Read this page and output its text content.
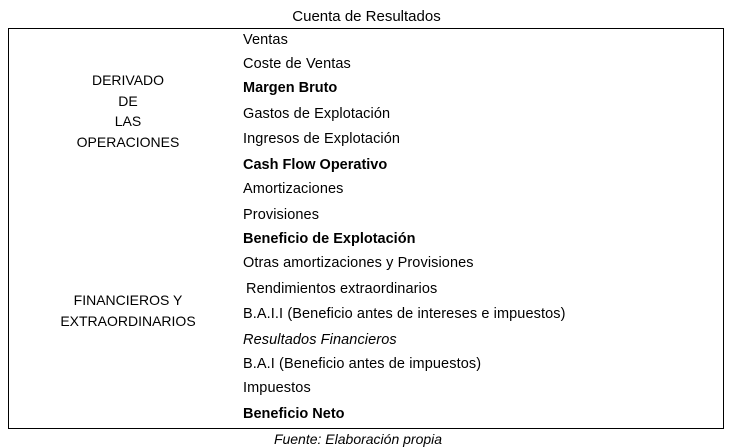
Cuenta de Resultados
DERIVADO
DE
LAS
OPERACIONES
FINANCIEROS Y
EXTRAORDINARIOS
Ventas
Coste de Ventas
Margen Bruto
Gastos de Explotación
Ingresos de Explotación
Cash Flow Operativo
Amortizaciones
Provisiones
Beneficio de Explotación
Otras amortizaciones y Provisiones
Rendimientos extraordinarios
B.A.I.I (Beneficio antes de intereses e impuestos)
Resultados Financieros
B.A.I (Beneficio antes de impuestos)
Impuestos
Beneficio Neto
Fuente: Elaboración propia
